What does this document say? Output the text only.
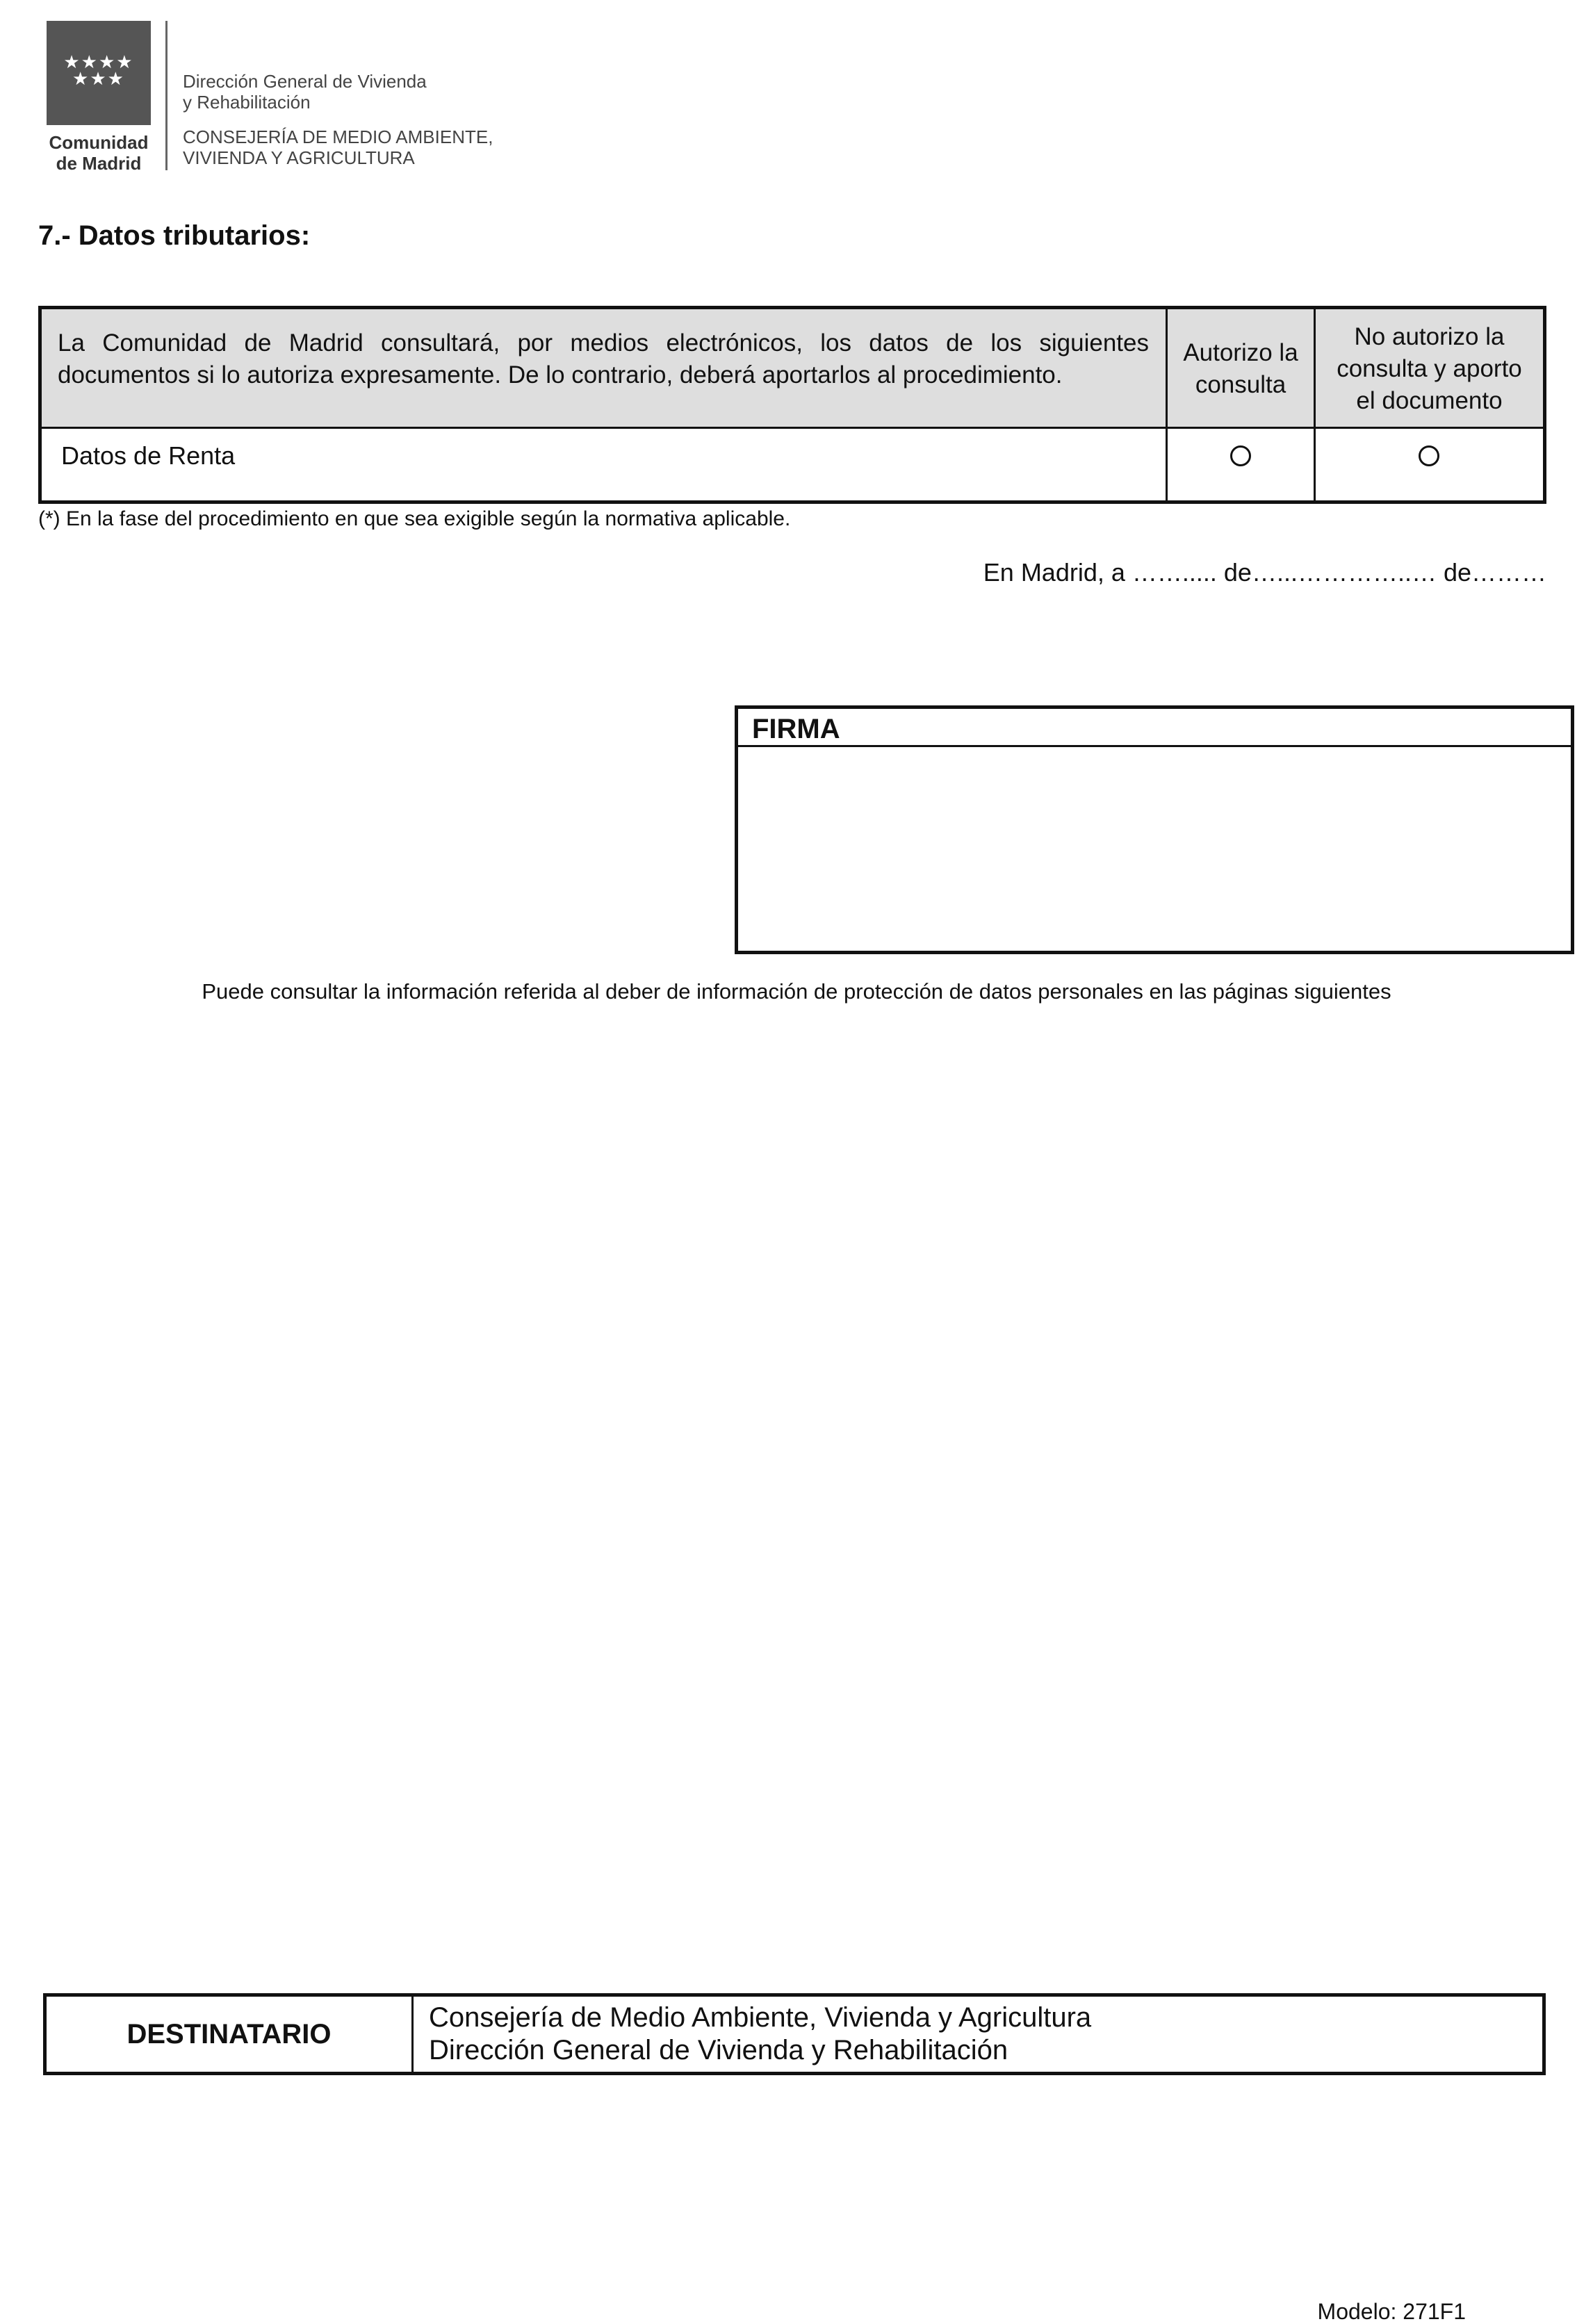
★★★★
★★★
Comunidad
de Madrid
Dirección General de Vivienda
y Rehabilitación
CONSEJERÍA DE MEDIO AMBIENTE,
VIVIENDA Y AGRICULTURA
7.- Datos tributarios:
La Comunidad de Madrid consultará, por medios electrónicos, los datos de los siguientes documentos si lo autoriza expresamente. De lo contrario, deberá aportarlos al procedimiento.
Autorizo la consulta
No autorizo la consulta y aporto el documento
Datos de Renta
(*) En la fase del procedimiento en que sea exigible según la normativa aplicable.
En Madrid, a ……..... de…...…………..… de………
FIRMA
Puede consultar la información referida al deber de información de protección de datos personales en las páginas siguientes
DESTINATARIO
Consejería de Medio Ambiente, Vivienda y Agricultura
Dirección General de Vivienda y Rehabilitación
Modelo: 271F1
